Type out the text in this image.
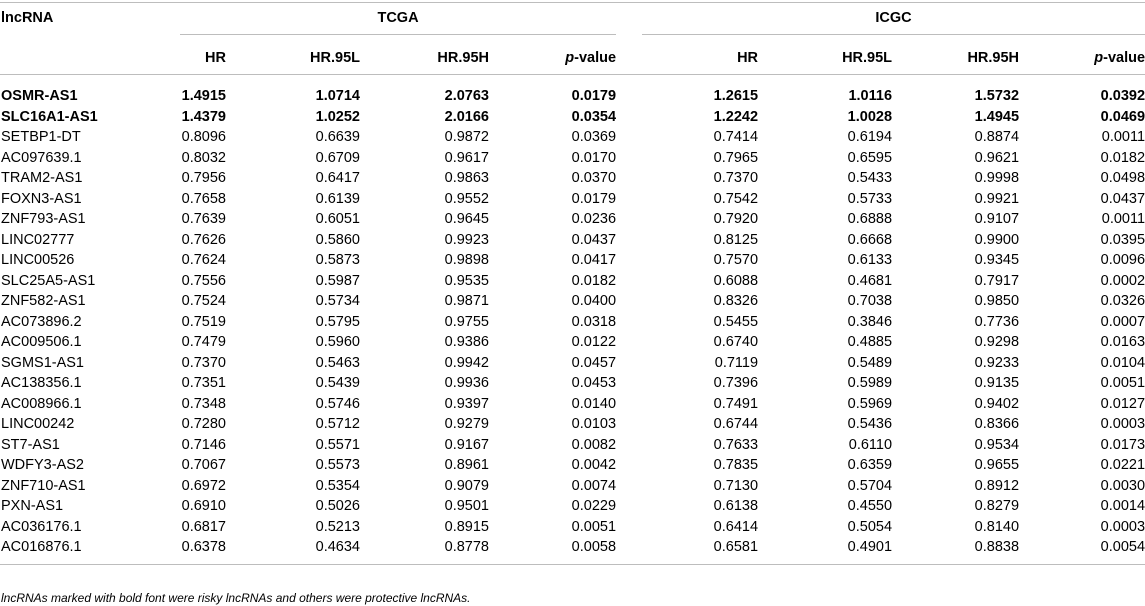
lncRNA	TCGA				ICGC			

	HR	HR.95L	HR.95H	p-value	HR	HR.95L	HR.95H	p-value

OSMR-AS1	1.4915	1.0714	2.0763	0.0179	1.2615	1.0116	1.5732	0.0392
SLC16A1-AS1	1.4379	1.0252	2.0166	0.0354	1.2242	1.0028	1.4945	0.0469
SETBP1-DT	0.8096	0.6639	0.9872	0.0369	0.7414	0.6194	0.8874	0.0011
AC097639.1	0.8032	0.6709	0.9617	0.0170	0.7965	0.6595	0.9621	0.0182
TRAM2-AS1	0.7956	0.6417	0.9863	0.0370	0.7370	0.5433	0.9998	0.0498
FOXN3-AS1	0.7658	0.6139	0.9552	0.0179	0.7542	0.5733	0.9921	0.0437
ZNF793-AS1	0.7639	0.6051	0.9645	0.0236	0.7920	0.6888	0.9107	0.0011
LINC02777	0.7626	0.5860	0.9923	0.0437	0.8125	0.6668	0.9900	0.0395
LINC00526	0.7624	0.5873	0.9898	0.0417	0.7570	0.6133	0.9345	0.0096
SLC25A5-AS1	0.7556	0.5987	0.9535	0.0182	0.6088	0.4681	0.7917	0.0002
ZNF582-AS1	0.7524	0.5734	0.9871	0.0400	0.8326	0.7038	0.9850	0.0326
AC073896.2	0.7519	0.5795	0.9755	0.0318	0.5455	0.3846	0.7736	0.0007
AC009506.1	0.7479	0.5960	0.9386	0.0122	0.6740	0.4885	0.9298	0.0163
SGMS1-AS1	0.7370	0.5463	0.9942	0.0457	0.7119	0.5489	0.9233	0.0104
AC138356.1	0.7351	0.5439	0.9936	0.0453	0.7396	0.5989	0.9135	0.0051
AC008966.1	0.7348	0.5746	0.9397	0.0140	0.7491	0.5969	0.9402	0.0127
LINC00242	0.7280	0.5712	0.9279	0.0103	0.6744	0.5436	0.8366	0.0003
ST7-AS1	0.7146	0.5571	0.9167	0.0082	0.7633	0.6110	0.9534	0.0173
WDFY3-AS2	0.7067	0.5573	0.8961	0.0042	0.7835	0.6359	0.9655	0.0221
ZNF710-AS1	0.6972	0.5354	0.9079	0.0074	0.7130	0.5704	0.8912	0.0030
PXN-AS1	0.6910	0.5026	0.9501	0.0229	0.6138	0.4550	0.8279	0.0014
AC036176.1	0.6817	0.5213	0.8915	0.0051	0.6414	0.5054	0.8140	0.0003
AC016876.1	0.6378	0.4634	0.8778	0.0058	0.6581	0.4901	0.8838	0.0054

lncRNAs marked with bold font were risky lncRNAs and others were protective lncRNAs.
